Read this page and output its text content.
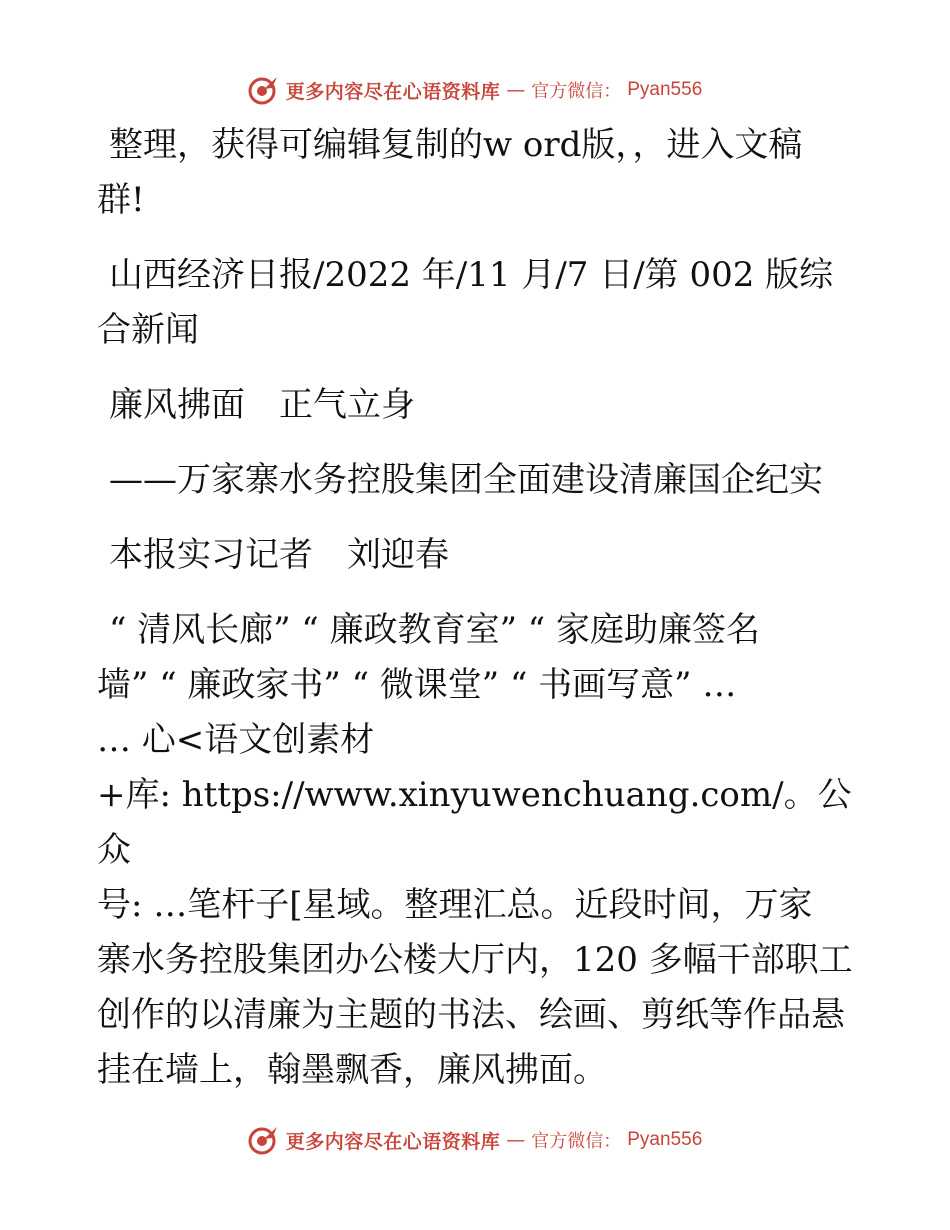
更多内容尽在心语资料库 — 官方微信： Pyan556
整理，获得可编辑复制的w ord版，，进入文稿
群!
山西经济日报/2022 年/11 月/7 日/第 002 版综
合新闻
廉风拂面　正气立身
——万家寨水务控股集团全面建设清廉国企纪实
本报实习记者　刘迎春
“ 清风长廊” “ 廉政教育室” “ 家庭助廉签名
墙” “ 廉政家书” “ 微课堂” “ 书画写意” …
… 心<语文创素材
+库: https://www.xinyuwenchuang.com/。公众
号: …笔杆子[星域。整理汇总。近段时间，万家
寨水务控股集团办公楼大厅内，120 多幅干部职工
创作的以清廉为主题的书法、绘画、剪纸等作品悬
挂在墙上，翰墨飘香，廉风拂面。
更多内容尽在心语资料库 — 官方微信： Pyan556
